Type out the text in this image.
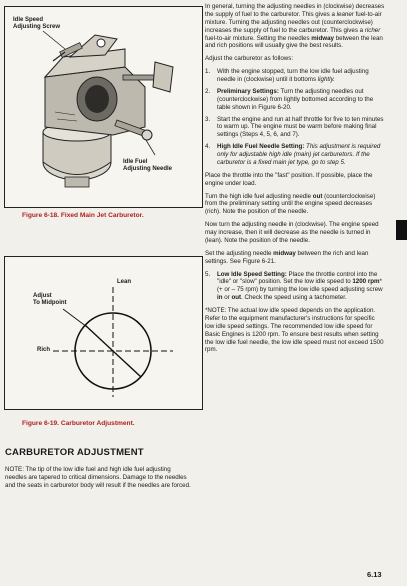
Idle Speed
Adjusting Screw
Idle Fuel
Adjusting Needle
Figure 6-18. Fixed Main Jet Carburetor.
Lean
Adjust
To Midpoint
Rich
Figure 6-19. Carburetor Adjustment.
CARBURETOR ADJUSTMENT
NOTE: The tip of the low idle fuel and high idle fuel adjusting needles are tapered to critical dimensions. Damage to the needles and the seats in carburetor body will result if the needles are forced.

In general, turning the adjusting needles in (clockwise) decreases the supply of fuel to the carburetor. This gives a leaner fuel-to-air mixture. Turning the adjusting needles out (counterclockwise) increases the supply of fuel to the carburetor. This gives a richer fuel-to-air mixture. Setting the needles midway between the lean and rich positions will usually give the best results.

Adjust the carburetor as follows:

1.	With the engine stopped, turn the low idle fuel adjusting needle in (clockwise) until it bottoms lightly.
2.	Preliminary Settings: Turn the adjusting needles out (counterclockwise) from lightly bottomed according to the table shown in Figure 6-20.
3.	Start the engine and run at half throttle for five to ten minutes to warm up. The engine must be warm before making final settings (Steps 4, 5, 6, and 7).
4.	High Idle Fuel Needle Setting: This adjustment is required only for adjustable high idle (main) jet carburetors. If the carburetor is a fixed main jet type, go to step 5.

Place the throttle into the "fast" position. If possible, place the engine under load.

Turn the high idle fuel adjusting needle out (counterclockwise) from the preliminary setting until the engine speed decreases (rich). Note the position of the needle.

Now turn the adjusting needle in (clockwise). The engine speed may increase, then it will decrease as the needle is turned in (lean). Note the position of the needle.

Set the adjusting needle midway between the rich and lean settings. See Figure 6-21.

5.	Low Idle Speed Setting: Place the throttle control into the "idle" or "slow" position. Set the low idle speed to 1200 rpm* (+ or – 75 rpm) by turning the low idle speed adjusting screw in or out. Check the speed using a tachometer.

*NOTE: The actual low idle speed depends on the application. Refer to the equipment manufacturer's instructions for specific low idle speed settings. The recommended low idle speed for Basic Engines is 1200 rpm. To ensure best results when setting the low idle fuel needle, the low idle speed must not exceed 1500 rpm.

6.13
